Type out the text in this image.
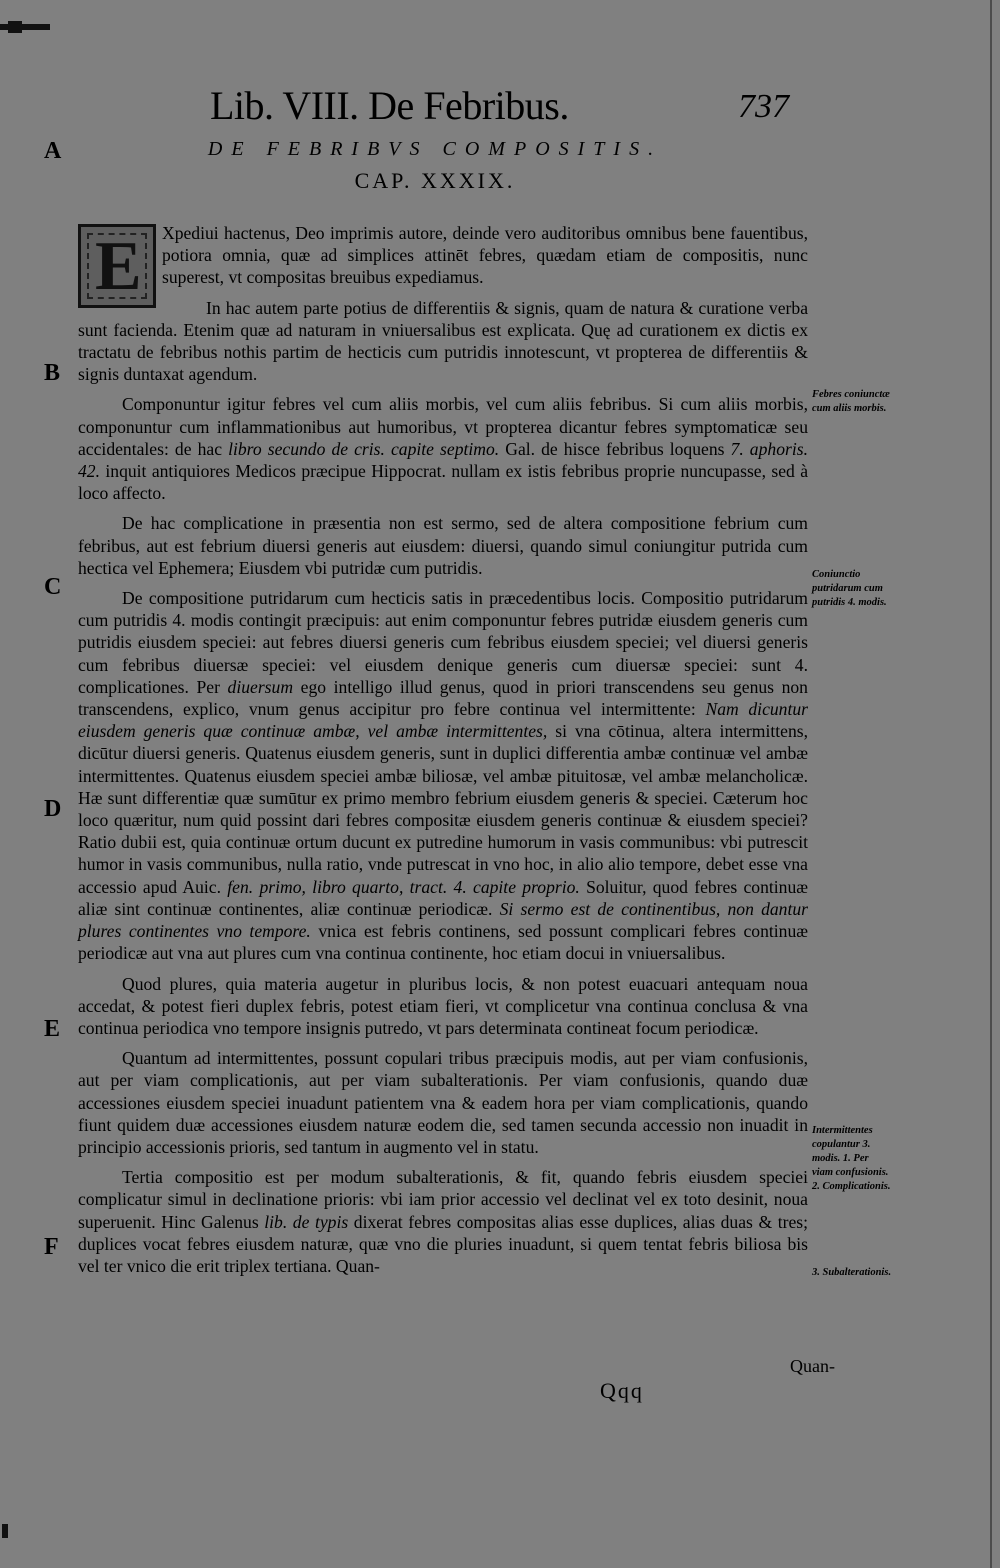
Lib. VIII. De Febribus.	737
DE FEBRIBVS COMPOSITIS.
CAP. XXXIX.
A
B
C
D
E
F
E	Xpediui hactenus, Deo imprimis autore, deinde vero auditoribus omnibus bene fauentibus, potiora omnia, quæ ad simplices attinēt febres, quædam etiam de compositis, nunc superest, vt compositas breuibus expediamus.

In hac autem parte potius de differentiis & signis, quam de natura & curatione verba sunt facienda. Etenim quæ ad naturam in vniuersalibus est explicata. Quę ad curationem ex dictis ex tractatu de febribus nothis partim de hecticis cum putridis innotescunt, vt propterea de differentiis & signis duntaxat agendum.

Componuntur igitur febres vel cum aliis morbis, vel cum aliis febribus. Si cum aliis morbis, componuntur cum inflammationibus aut humoribus, vt propterea dicantur febres symptomaticæ seu accidentales: de hac libro secundo de cris. capite septimo. Gal. de hisce febribus loquens 7. aphoris. 42. inquit antiquiores Medicos præcipue Hippocrat. nullam ex istis febribus proprie nuncupasse, sed à loco affecto.

De hac complicatione in præsentia non est sermo, sed de altera compositione febrium cum febribus, aut est febrium diuersi generis aut eiusdem: diuersi, quando simul coniungitur putrida cum hectica vel Ephemera; Eiusdem vbi putridæ cum putridis.

De compositione putridarum cum hecticis satis in præcedentibus locis. Compositio putridarum cum putridis 4. modis contingit præcipuis: aut enim componuntur febres putridæ eiusdem generis cum putridis eiusdem speciei: aut febres diuersi generis cum febribus eiusdem speciei; vel diuersi generis cum febribus diuersæ speciei: vel eiusdem denique generis cum diuersæ speciei: sunt 4. complicationes. Per diuersum ego intelligo illud genus, quod in priori transcendens seu genus non transcendens, explico, vnum genus accipitur pro febre continua vel intermittente: Nam dicuntur eiusdem generis quæ continuæ ambæ, vel ambæ intermittentes, si vna cōtinua, altera intermittens, dicūtur diuersi generis. Quatenus eiusdem generis, sunt in duplici differentia ambæ continuæ vel ambæ intermittentes. Quatenus eiusdem speciei ambæ biliosæ, vel ambæ pituitosæ, vel ambæ melancholicæ. Hæ sunt differentiæ quæ sumūtur ex primo membro febrium eiusdem generis & speciei. Cæterum hoc loco quæritur, num quid possint dari febres compositæ eiusdem generis continuæ & eiusdem speciei? Ratio dubii est, quia continuæ ortum ducunt ex putredine humorum in vasis communibus: vbi putrescit humor in vasis communibus, nulla ratio, vnde putrescat in vno hoc, in alio alio tempore, debet esse vna accessio apud Auic. fen. primo, libro quarto, tract. 4. capite proprio. Soluitur, quod febres continuæ aliæ sint continuæ continentes, aliæ continuæ periodicæ. Si sermo est de continentibus, non dantur plures continentes vno tempore. vnica est febris continens, sed possunt complicari febres continuæ periodicæ aut vna aut plures cum vna continua continente, hoc etiam docui in vniuersalibus.

Quod plures, quia materia augetur in pluribus locis, & non potest euacuari antequam noua accedat, & potest fieri duplex febris, potest etiam fieri, vt complicetur vna continua conclusa & vna continua periodica vno tempore insignis putredo, vt pars determinata contineat focum periodicæ.

Quantum ad intermittentes, possunt copulari tribus præcipuis modis, aut per viam confusionis, aut per viam complicationis, aut per viam subalterationis. Per viam confusionis, quando duæ accessiones eiusdem speciei inuadunt patientem vna & eadem hora per viam complicationis, quando fiunt quidem duæ accessiones eiusdem naturæ eodem die, sed tamen secunda accessio non inuadit in principio accessionis prioris, sed tantum in augmento vel in statu.

Tertia compositio est per modum subalterationis, & fit, quando febris eiusdem speciei complicatur simul in declinatione prioris: vbi iam prior accessio vel declinat vel ex toto desinit, noua superuenit. Hinc Galenus lib. de typis dixerat febres compositas alias esse duplices, alias duas & tres; duplices vocat febres eiusdem naturæ, quæ vno die pluries inuadunt, si quem tentat febris biliosa bis vel ter vnico die erit triplex tertiana. Quan-

Febres coniunctæ cum aliis morbis.
Coniunctio putridarum cum putridis 4. modis.
Intermittentes copulantur 3. modis. 1. Per viam confusionis. 2. Complicationis.
3. Subalterationis.
Qqq
Quan-
